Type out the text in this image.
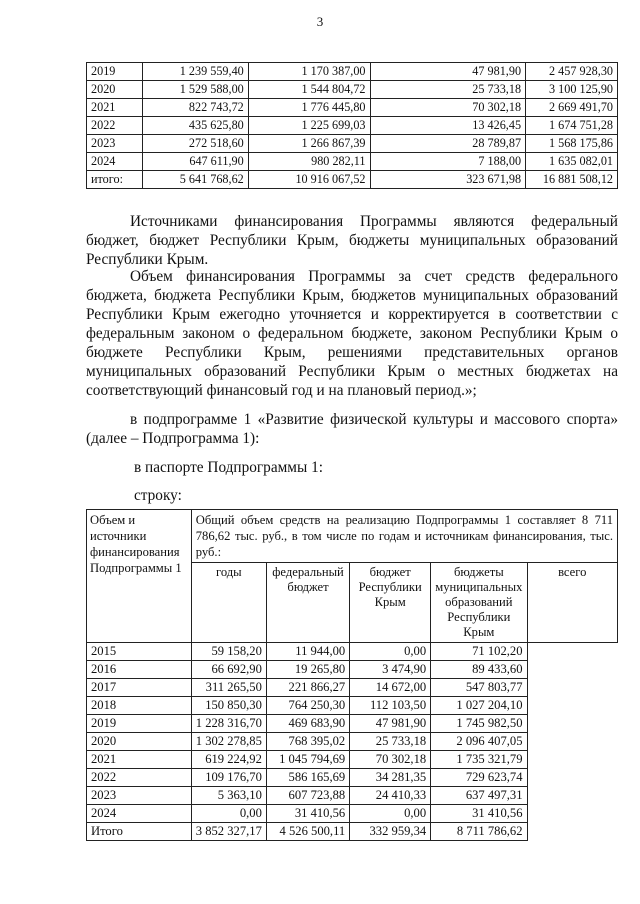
3
2019	1 239 559,40	1 170 387,00	47 981,90	2 457 928,30
2020	1 529 588,00	1 544 804,72	25 733,18	3 100 125,90
2021	822 743,72	1 776 445,80	70 302,18	2 669 491,70
2022	435 625,80	1 225 699,03	13 426,45	1 674 751,28
2023	272 518,60	1 266 867,39	28 789,87	1 568 175,86
2024	647 611,90	980 282,11	7 188,00	1 635 082,01
итого:	5 641 768,62	10 916 067,52	323 671,98	16 881 508,12

Источниками финансирования Программы являются федеральный бюджет, бюджет Республики Крым, бюджеты муниципальных образований Республики Крым.

Объем финансирования Программы за счет средств федерального бюджета, бюджета Республики Крым, бюджетов муниципальных образований Республики Крым ежегодно уточняется и корректируется в соответствии с федеральным законом о федеральном бюджете, законом Республики Крым о бюджете Республики Крым, решениями представительных органов муниципальных образований Республики Крым о местных бюджетах на соответствующий финансовый год и на плановый период.»;

в подпрограмме 1 «Развитие физической культуры и массового спорта» (далее – Подпрограмма 1):

в паспорте Подпрограммы 1:

строку:

Объем и источники финансирования Подпрограммы 1	Общий объем средств на реализацию Подпрограммы 1 составляет 8 711 786,62 тыс. руб., в том числе по годам и источникам финансирования, тыс. руб.:				
	годы	федеральный бюджет	бюджет Республики Крым	бюджеты муниципальных образований Республики Крым	всего
2015	59 158,20	11 944,00	0,00	71 102,20	
2016	66 692,90	19 265,80	3 474,90	89 433,60	
2017	311 265,50	221 866,27	14 672,00	547 803,77	
2018	150 850,30	764 250,30	112 103,50	1 027 204,10	
2019	1 228 316,70	469 683,90	47 981,90	1 745 982,50	
2020	1 302 278,85	768 395,02	25 733,18	2 096 407,05	
2021	619 224,92	1 045 794,69	70 302,18	1 735 321,79	
2022	109 176,70	586 165,69	34 281,35	729 623,74	
2023	5 363,10	607 723,88	24 410,33	637 497,31	
2024	0,00	31 410,56	0,00	31 410,56	
Итого	3 852 327,17	4 526 500,11	332 959,34	8 711 786,62	
